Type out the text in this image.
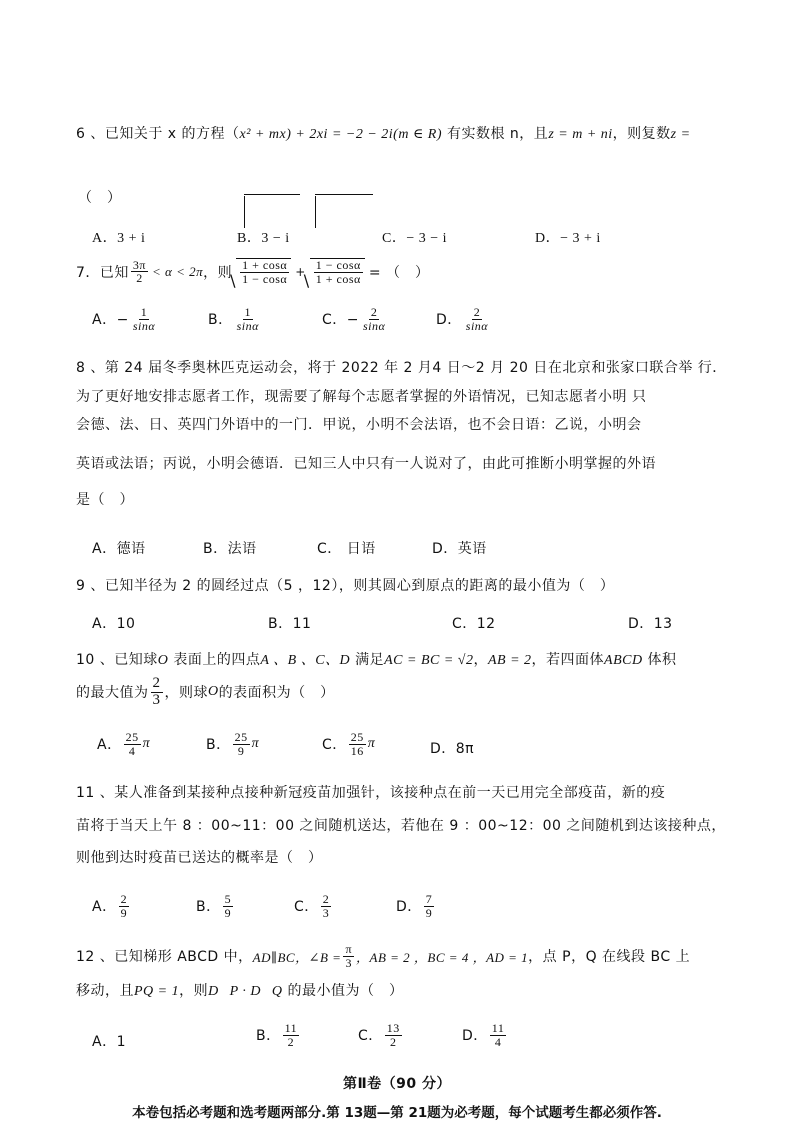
6 、已知关于 x 的方程（x² + mx) + 2xi = −2 − 2i(m ∈ R) 有实数根 n，且z = m + ni，则复数z =
（　）
A．3 + i	B．3 − i	C．− 3 − i	D．− 3 + i
7．已知 $\frac{3\pi}{2} < \alpha < 2\pi$ ，则
\ $\frac{1 + \cos\alpha}{1 - \cos\alpha}$ +
\ $\frac{1 - \cos\alpha}{1 + \cos\alpha}$ = （　）
A．− $\frac{1}{\sin\alpha}$	B． $\frac{1}{\sin\alpha}$	C．− $\frac{2}{\sin\alpha}$	D． $\frac{2}{\sin\alpha}$
8 、第 24 届冬季奥林匹克运动会，将于 2022 年 2 月4 日～2 月 20 日在北京和张家口联合举 行．
为了更好地安排志愿者工作，现需要了解每个志愿者掌握的外语情况，已知志愿者小明 只
会德、法、日、英四门外语中的一门．甲说，小明不会法语，也不会日语：乙说，小明会
英语或法语；丙说，小明会德语．已知三人中只有一人说对了，由此可推断小明掌握的外语
是（　）
A．德语	B．法语	C． 日语	D．英语
9 、已知半径为 2 的圆经过点（5 ，12），则其圆心到原点的距离的最小值为（　）
A．10	B．11	C．12	D．13
10 、已知球O 表面上的四点A 、B 、C、D 满足AC = BC = √2，AB = 2，若四面体ABCD 体积
的最大值为 $\frac{2}{3}$ ，则球 O 的表面积为（　）
A． $\frac{25}{4}$ π	B． $\frac{25}{9}$ π	C． $\frac{25}{16}$ π	D．8π
11 、某人准备到某接种点接种新冠疫苗加强针，该接种点在前一天已用完全部疫苗，新的疫
苗将于当天上午 8 ：00~11：00 之间随机送达，若他在 9 ：00~12：00 之间随机到达该接种点，
则他到达时疫苗已送达的概率是（　）
A． $\frac{2}{9}$	B． $\frac{5}{9}$	C． $\frac{2}{3}$	D． $\frac{7}{9}$
12 、已知梯形 ABCD 中， AD∥BC，∠B = $\frac{\pi}{3}$ ，AB = 2 ，BC = 4 ，AD = 1 ，点 P，Q 在线段 BC 上
移动，且PQ = 1，则D⃗P · D⃗Q 的最小值为（　）
A．1	B． $\frac{11}{2}$	C． $\frac{13}{2}$	D． $\frac{11}{4}$
第Ⅱ卷（90 分）
本卷包括必考题和选考题两部分.第 13题—第 21题为必考题，每个试题考生都必须作答.
